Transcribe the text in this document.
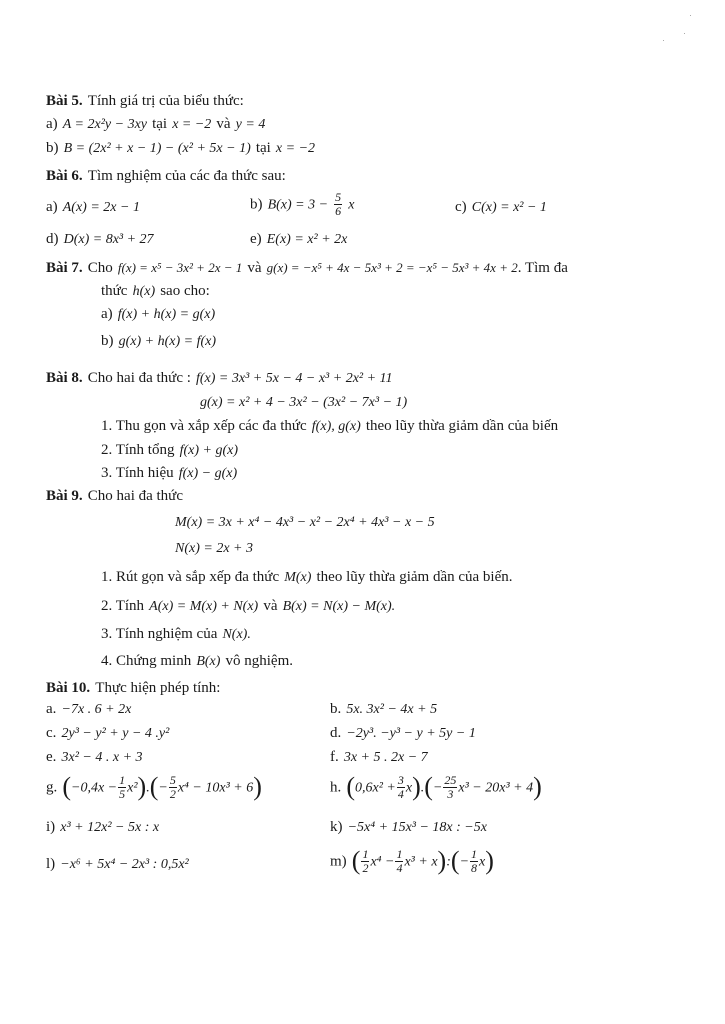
Bài 5. Tính giá trị của biểu thức:
a) A = 2x²y − 3xy tại x = −2 và y = 4
b) B = (2x² + x − 1) − (x² + 5x − 1) tại x = −2
Bài 6. Tìm nghiệm của các đa thức sau:
a) A(x) = 2x − 1	b) $B(x) = 3 - \frac{5}{6}$ x	c) C(x) = x² − 1
d) D(x) = 8x³ + 27	e) E(x) = x² + 2x
Bài 7. Cho f(x) = x⁵ − 3x² + 2x − 1 và g(x) = −x⁵ + 4x − 5x³ + 2 = −x⁵ − 5x³ + 4x + 2. Tìm đa
thức h(x) sao cho:
a) f(x) + h(x) = g(x)
b) g(x) + h(x) = f(x)
Bài 8. Cho hai đa thức : f(x) = 3x³ + 5x − 4 − x³ + 2x² + 11
g(x) = x² + 4 − 3x² − (3x² − 7x³ − 1)
1. Thu gọn và xắp xếp các đa thức f(x), g(x) theo lũy thừa giảm dần của biến
2. Tính tổng f(x) + g(x)
3. Tính hiệu f(x) − g(x)
Bài 9. Cho hai đa thức
M(x) = 3x + x⁴ − 4x³ − x² − 2x⁴ + 4x³ − x − 5
N(x) = 2x + 3
1. Rút gọn và sắp xếp đa thức M(x) theo lũy thừa giảm dần của biến.
2. Tính A(x) = M(x) + N(x) và B(x) = N(x) − M(x).
3. Tính nghiệm của N(x).
4. Chứng minh B(x) vô nghiệm.
Bài 10. Thực hiện phép tính:
a. −7x . 6 + 2x	b. 5x. 3x² − 4x + 5
c. 2y³ − y² + y − 4 .y²	d. −2y³. −y³ − y + 5y − 1
e. 3x² − 4 . x + 3	f. 3x + 5 . 2x − 7
g. $(-0,4x - \frac{1}{5} x^2).(- \frac{5}{2} x^4 - 10x^3 + 6)$	h. $(0,6x^2 + \frac{3}{4} x).(- \frac{25}{3} x^3 - 20x^3 + 4)$
i) x³ + 12x² − 5x : x	k) −5x⁴ + 15x³ − 18x : −5x
l) −x⁶ + 5x⁴ − 2x³ : 0,5x²	m) ( $\frac{1}{2} x^4 - \frac{1}{4} x^3$ + x):(− $\frac{1}{8} x$)
